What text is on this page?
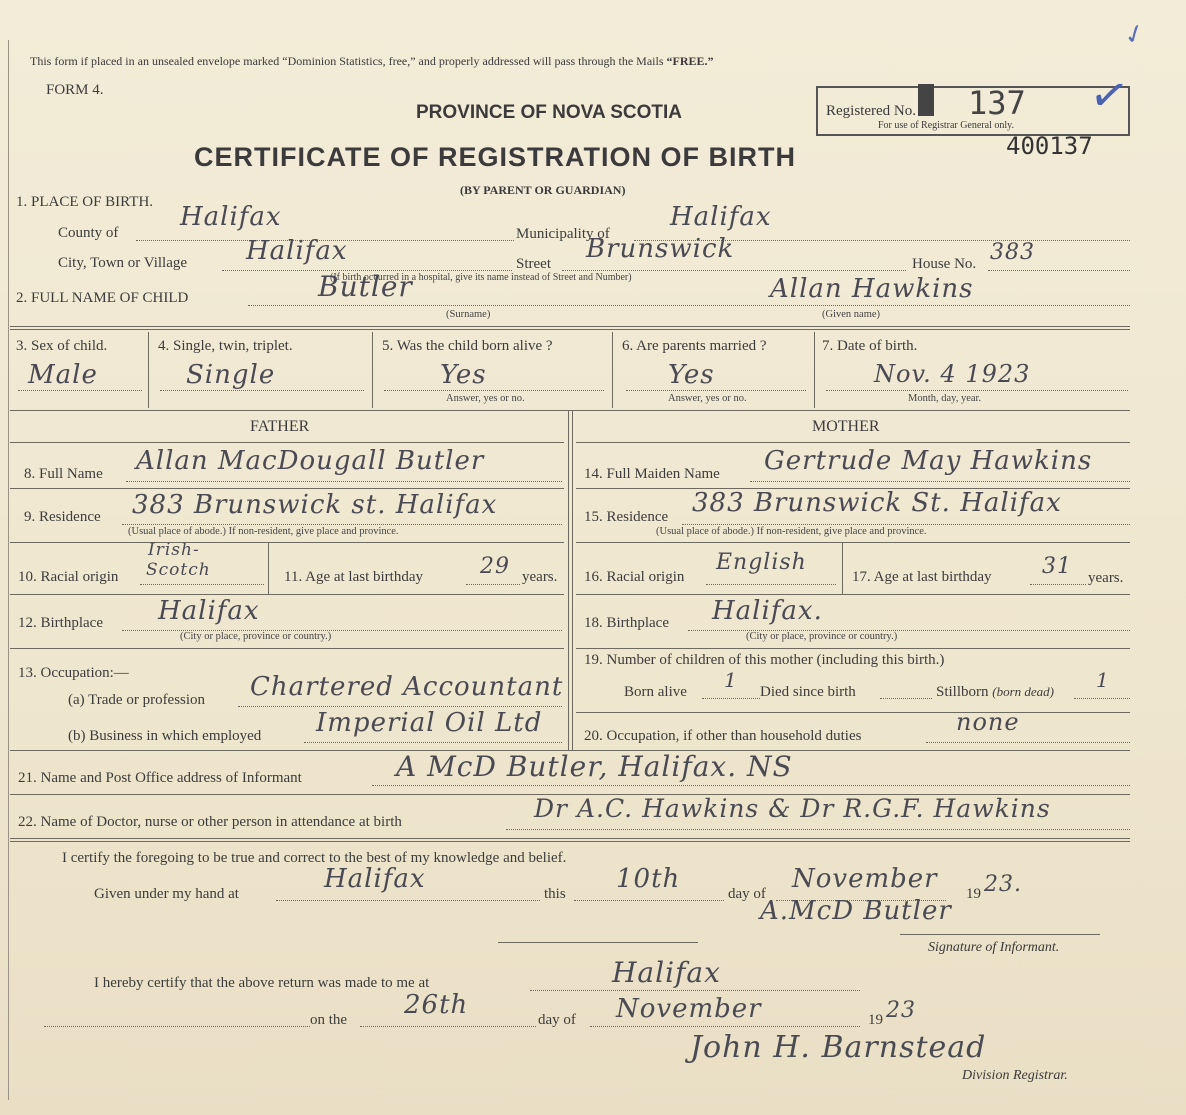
This form if placed in an unsealed envelope marked “Dominion Statistics, free,” and properly addressed will pass through the Mails “FREE.”
FORM 4.
PROVINCE OF NOVA SCOTIA
CERTIFICATE OF REGISTRATION OF BIRTH
(BY PARENT OR GUARDIAN)
Registered No. 137
For use of Registrar General only.
400137
✓
✓
1. PLACE OF BIRTH.
County of
Halifax
Municipality of
Halifax
City, Town or Village Halifax	Street Brunswick
(If birth occurred in a hospital, give its name instead of Street and Number)
House No. 383
2. FULL NAME OF CHILD	Butler
(Surname)
Allan Hawkins
(Given name)
3. Sex of child.
Male
4. Single, twin, triplet.
Single
5. Was the child born alive ?
Yes
Answer, yes or no.
6. Are parents married ?
Yes
Answer, yes or no.
7. Date of birth.
Nov. 4 1923
Month, day, year.
FATHER
8. Full Name Allan MacDougall Butler
9. Residence 383 Brunswick st. Halifax
(Usual place of abode.) If non-resident, give place and province.
10. Racial origin
Irish-
Scotch	11. Age at last birthday	29 years.
12. Birthplace Halifax
(City or place, province or country.)
13. Occupation:—
(a) Trade or profession Chartered Accountant
(b) Business in which employed Imperial Oil Ltd
MOTHER
14. Full Maiden Name Gertrude May Hawkins
15. Residence 383 Brunswick St. Halifax
(Usual place of abode.) If non-resident, give place and province.
16. Racial origin
English
17. Age at last birthday 31 years.
18. Birthplace Halifax.
(City or place, province or country.)
19. Number of children of this mother (including this birth.)
Born alive 1 Died since birth	Stillborn (born dead) 1
20. Occupation, if other than household duties	none
21. Name and Post Office address of Informant	A McD Butler, Halifax. NS
22. Name of Doctor, nurse or other person in attendance at birth	Dr A.C. Hawkins & Dr R.G.F. Hawkins
I certify the foregoing to be true and correct to the best of my knowledge and belief.
Given under my hand at	Halifax	this 10th	day of November 19 23.
A.McD Butler
Signature of Informant.
I hereby certify that the above return was made to me at	Halifax
on the 26th	day of November	19 23
John H. Barnstead
Division Registrar.
